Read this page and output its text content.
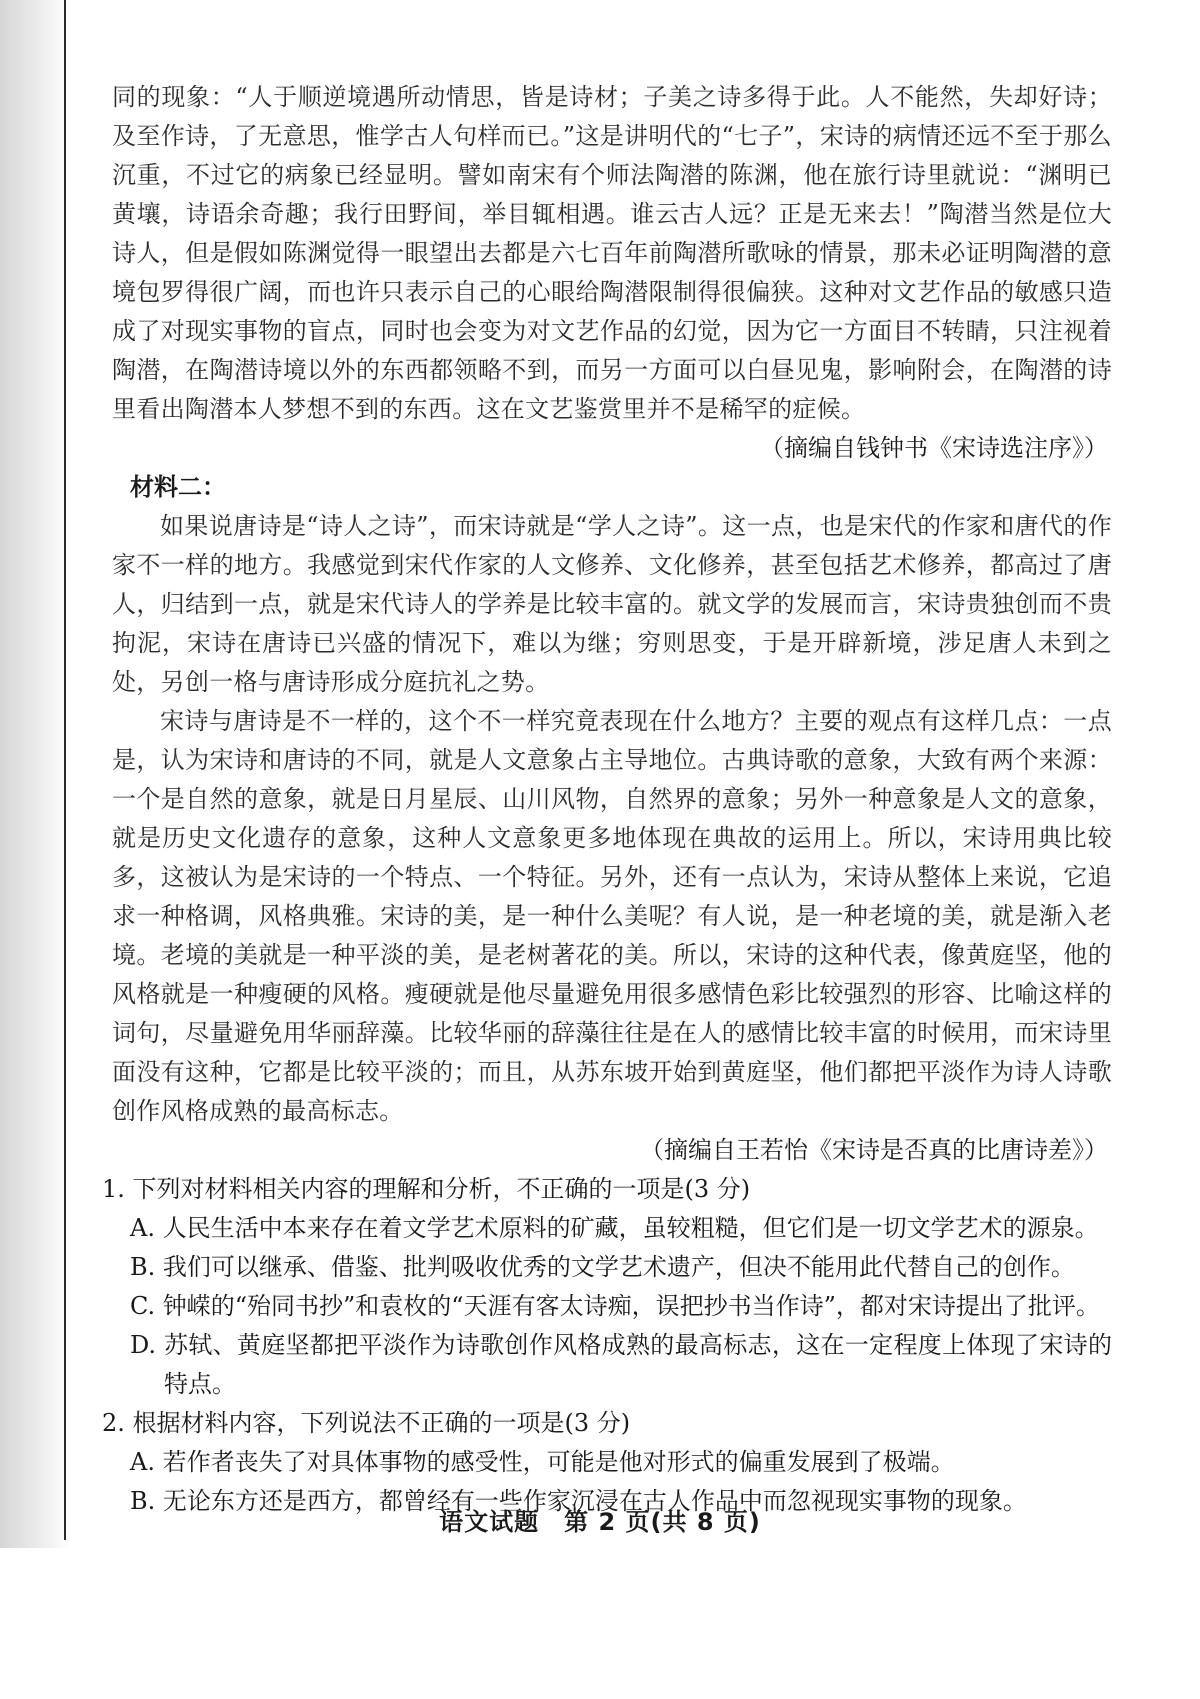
同的现象：“人于顺逆境遇所动情思，皆是诗材；子美之诗多得于此。人不能然，失却好诗；及至作诗，了无意思，惟学古人句样而已。”这是讲明代的“七子”，宋诗的病情还远不至于那么沉重，不过它的病象已经显明。譬如南宋有个师法陶潜的陈渊，他在旅行诗里就说：“渊明已黄壤，诗语余奇趣；我行田野间，举目辄相遇。谁云古人远？正是无来去！”陶潜当然是位大诗人，但是假如陈渊觉得一眼望出去都是六七百年前陶潜所歌咏的情景，那未必证明陶潜的意境包罗得很广阔，而也许只表示自己的心眼给陶潜限制得很偏狭。这种对文艺作品的敏感只造成了对现实事物的盲点，同时也会变为对文艺作品的幻觉，因为它一方面目不转睛，只注视着陶潜，在陶潜诗境以外的东西都领略不到，而另一方面可以白昼见鬼，影响附会，在陶潜的诗里看出陶潜本人梦想不到的东西。这在文艺鉴赏里并不是稀罕的症候。

（摘编自钱钟书《宋诗选注序》）

材料二：

如果说唐诗是“诗人之诗”，而宋诗就是“学人之诗”。这一点，也是宋代的作家和唐代的作家不一样的地方。我感觉到宋代作家的人文修养、文化修养，甚至包括艺术修养，都高过了唐人，归结到一点，就是宋代诗人的学养是比较丰富的。就文学的发展而言，宋诗贵独创而不贵拘泥，宋诗在唐诗已兴盛的情况下，难以为继；穷则思变，于是开辟新境，涉足唐人未到之处，另创一格与唐诗形成分庭抗礼之势。

宋诗与唐诗是不一样的，这个不一样究竟表现在什么地方？主要的观点有这样几点：一点是，认为宋诗和唐诗的不同，就是人文意象占主导地位。古典诗歌的意象，大致有两个来源：一个是自然的意象，就是日月星辰、山川风物，自然界的意象；另外一种意象是人文的意象，就是历史文化遗存的意象，这种人文意象更多地体现在典故的运用上。所以，宋诗用典比较多，这被认为是宋诗的一个特点、一个特征。另外，还有一点认为，宋诗从整体上来说，它追求一种格调，风格典雅。宋诗的美，是一种什么美呢？有人说，是一种老境的美，就是渐入老境。老境的美就是一种平淡的美，是老树著花的美。所以，宋诗的这种代表，像黄庭坚，他的风格就是一种瘦硬的风格。瘦硬就是他尽量避免用很多感情色彩比较强烈的形容、比喻这样的词句，尽量避免用华丽辞藻。比较华丽的辞藻往往是在人的感情比较丰富的时候用，而宋诗里面没有这种，它都是比较平淡的；而且，从苏东坡开始到黄庭坚，他们都把平淡作为诗人诗歌创作风格成熟的最高标志。

（摘编自王若怡《宋诗是否真的比唐诗差》）

1. 下列对材料相关内容的理解和分析，不正确的一项是(3 分)

A. 人民生活中本来存在着文学艺术原料的矿藏，虽较粗糙，但它们是一切文学艺术的源泉。

B. 我们可以继承、借鉴、批判吸收优秀的文学艺术遗产，但决不能用此代替自己的创作。

C. 钟嵘的“殆同书抄”和袁枚的“天涯有客太诗痴，误把抄书当作诗”，都对宋诗提出了批评。

D. 苏轼、黄庭坚都把平淡作为诗歌创作风格成熟的最高标志，这在一定程度上体现了宋诗的特点。

2. 根据材料内容，下列说法不正确的一项是(3 分)

A. 若作者丧失了对具体事物的感受性，可能是他对形式的偏重发展到了极端。

B. 无论东方还是西方，都曾经有一些作家沉浸在古人作品中而忽视现实事物的现象。

语文试题　第 2 页(共 8 页)
